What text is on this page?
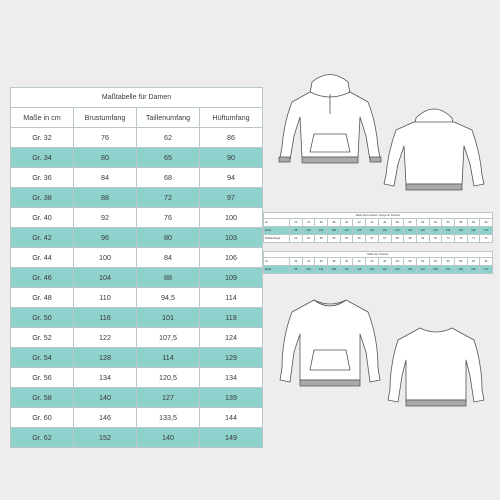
Maßtabelle für Damen			
Maße in cm	Brustumfang	Taillenumfang	Hüftumfang
Gr. 32	76	62	86
Gr. 34	80	65	90
Gr. 36	84	68	94
Gr. 38	88	72	97
Gr. 40	92	76	100
Gr. 42	96	80	103
Gr. 44	100	84	106
Gr. 46	104	88	109
Gr. 48	110	94,5	114
Gr. 50	116	101	119
Gr. 52	122	107,5	124
Gr. 54	128	114	129
Gr. 56	134	120,5	134
Gr. 58	140	127	139
Gr. 60	146	133,5	144
Gr. 62	152	140	149
Maße der Hoodies / Länge ab Schulter
Gr.	32	34	36	38	40	42	44	46	48	50	52	54	56	58	60	62
Weite	96	100	104	108	112	116	120	124	130	136	142	148	154	160	166	172
Rückenlänge	64	64	65	65	66	66	67	67	68	68	69	69	70	70	71	71
Maße der Sweater
Gr.	32	34	36	38	40	42	44	46	48	50	52	54	56	58	60	62
Weite	96	100	104	108	112	116	120	124	130	136	142	148	154	160	166	172
